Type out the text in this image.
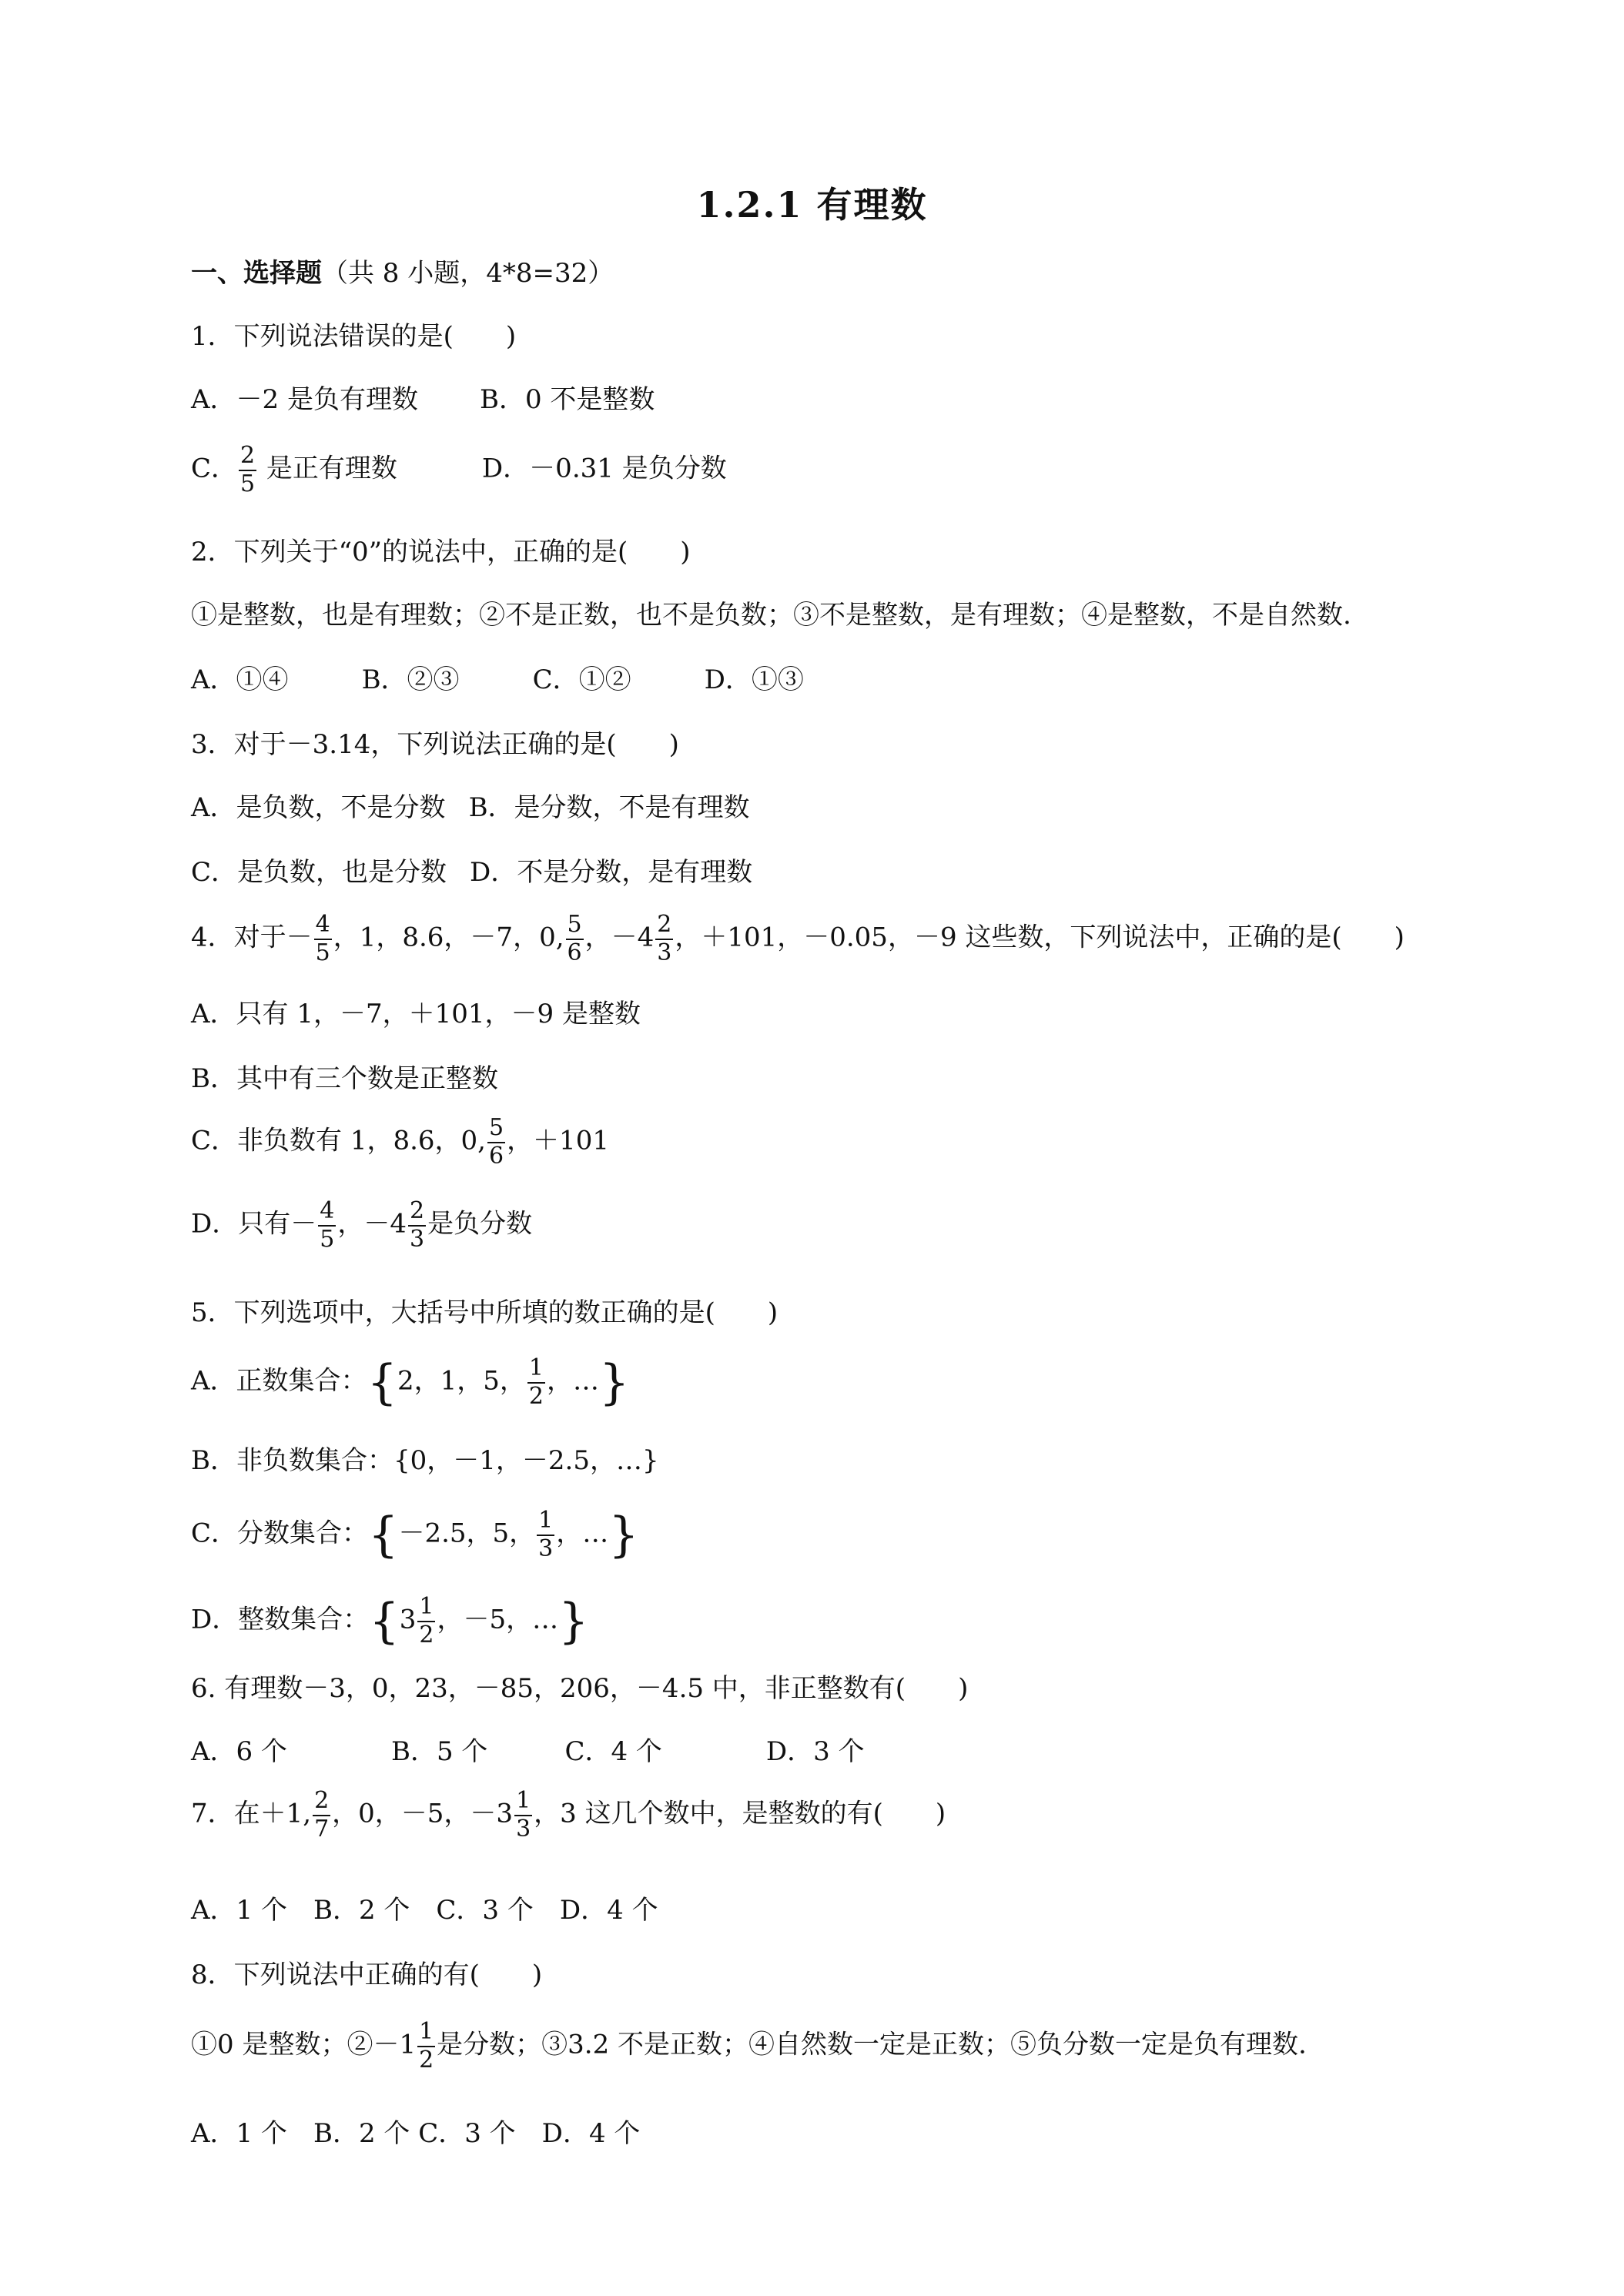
1.2.1 有理数
一、选择题（共 8 小题，4*8=32）
1．下列说法错误的是(　　)
A．－2 是负有理数 B．0 不是整数
C． $\frac{2}{5}$ 是正有理数	D．－0.31 是负分数
2．下列关于“0”的说法中，正确的是(　　)
①是整数，也是有理数；②不是正数，也不是负数；③不是整数，是有理数；④是整数，不是自然数.
A．①④	B．②③	C．①②	D．①③
3．对于－3.14，下列说法正确的是(　　)
A．是负数，不是分数 B．是分数，不是有理数
C．是负数，也是分数 D．不是分数，是有理数
4．对于－ $\frac{4}{5}$ ，1，8.6，－7，0, $\frac{5}{6}$ ，$-4 \frac{2}{3}$ ，＋101，－0.05，－9 这些数，下列说法中，正确的是(　　)
A．只有 1，－7，＋101，－9 是整数
B．其中有三个数是正整数
C．非负数有 1，8.6，0, $\frac{5}{6}$ ，＋101
D．只有－ $\frac{4}{5}$ ，$-4 \frac{2}{3}$ 是负分数
5．下列选项中，大括号中所填的数正确的是(　　)
A．正数集合：{2，1，5， $\frac{1}{2}$ ，…}
B．非负数集合：{0，－1，－2.5，…}
C．分数集合：{－2.5，5， $\frac{1}{3}$ ，…}
D．整数集合：{$3 \frac{1}{2}$ ，－5，…}
6. 有理数－3，0，23，－85，206，－4.5 中，非正整数有(　　)
A．6 个	B．5 个	C．4 个	D．3 个
7．在＋1, $\frac{2}{7}$ ，0，－5，$-3 \frac{1}{3}$ ，3 这几个数中，是整数的有(　　)
A．1 个　B．2 个　C．3 个　D．4 个
8．下列说法中正确的有(　　)
①0 是整数；②－1 $\frac{1}{2}$ 是分数；③3.2 不是正数；④自然数一定是正数；⑤负分数一定是负有理数.
A．1 个　B．2 个 C．3 个　D．4 个
